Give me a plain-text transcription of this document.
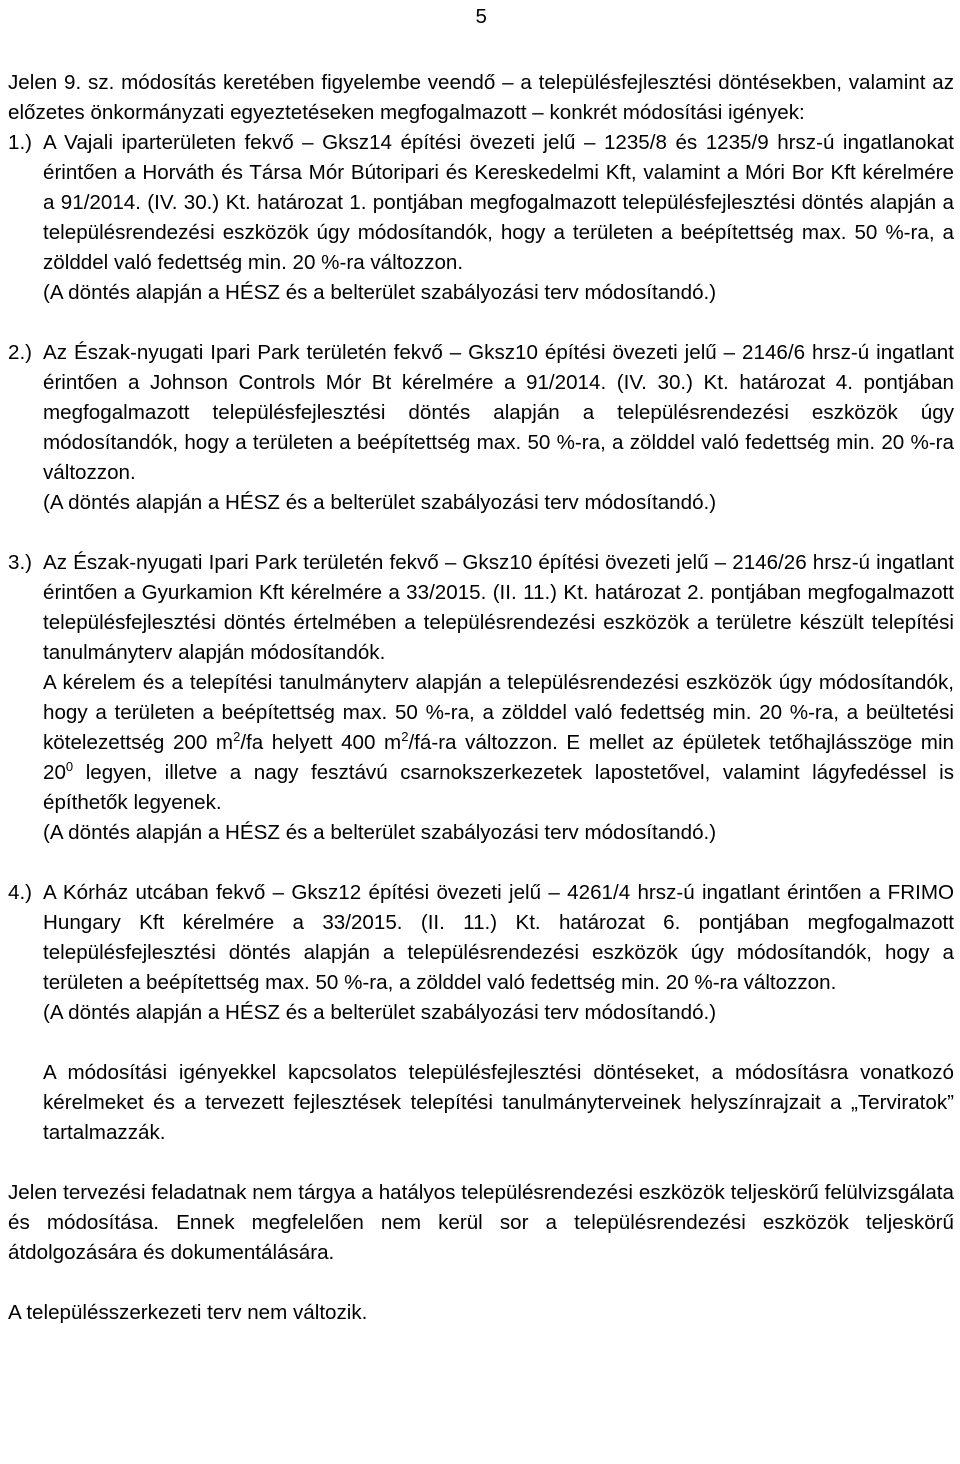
5

Jelen 9. sz. módosítás keretében figyelembe veendő – a településfejlesztési döntésekben, valamint az előzetes önkormányzati egyeztetéseken megfogalmazott – konkrét módosítási igények:

1.) A Vajali iparterületen fekvő – Gksz14 építési övezeti jelű – 1235/8 és 1235/9 hrsz-ú ingatlanokat érintően a Horváth és Társa Mór Bútoripari és Kereskedelmi Kft, valamint a Móri Bor Kft kérelmére a 91/2014. (IV. 30.) Kt. határozat 1. pontjában megfogalmazott településfejlesztési döntés alapján a településrendezési eszközök úgy módosítandók, hogy a területen a beépítettség max. 50 %-ra, a zölddel való fedettség min. 20 %-ra változzon.
(A döntés alapján a HÉSZ és a belterület szabályozási terv módosítandó.)
2.) Az Észak-nyugati Ipari Park területén fekvő – Gksz10 építési övezeti jelű – 2146/6 hrsz-ú ingatlant érintően a Johnson Controls Mór Bt kérelmére a 91/2014. (IV. 30.) Kt. határozat 4. pontjában megfogalmazott településfejlesztési döntés alapján a településrendezési eszközök úgy módosítandók, hogy a területen a beépítettség max. 50 %-ra, a zölddel való fedettség min. 20 %-ra változzon.
(A döntés alapján a HÉSZ és a belterület szabályozási terv módosítandó.)
3.) Az Észak-nyugati Ipari Park területén fekvő – Gksz10 építési övezeti jelű – 2146/26 hrsz-ú ingatlant érintően a Gyurkamion Kft kérelmére a 33/2015. (II. 11.) Kt. határozat 2. pontjában megfogalmazott településfejlesztési döntés értelmében a településrendezési eszközök a területre készült telepítési tanulmányterv alapján módosítandók.
A kérelem és a telepítési tanulmányterv alapján a településrendezési eszközök úgy módosítandók, hogy a területen a beépítettség max. 50 %-ra, a zölddel való fedettség min. 20 %-ra, a beültetési kötelezettség 200 $m^2/fa$ helyett 400 $m^2/fá-ra$ változzon. E mellet az épületek tetőhajlásszöge $\min 20^0$ legyen, illetve a nagy fesztávú csarnokszerkezetek lapostetővel, valamint lágyfedéssel is építhetők legyenek.
(A döntés alapján a HÉSZ és a belterület szabályozási terv módosítandó.)
4.) A Kórház utcában fekvő – Gksz12 építési övezeti jelű – 4261/4 hrsz-ú ingatlant érintően a FRIMO Hungary Kft kérelmére a 33/2015. (II. 11.) Kt. határozat 6. pontjában megfogalmazott településfejlesztési döntés alapján a településrendezési eszközök úgy módosítandók, hogy a területen a beépítettség max. 50 %-ra, a zölddel való fedettség min. 20 %-ra változzon.
(A döntés alapján a HÉSZ és a belterület szabályozási terv módosítandó.)

A módosítási igényekkel kapcsolatos településfejlesztési döntéseket, a módosításra vonatkozó kérelmeket és a tervezett fejlesztések telepítési tanulmányterveinek helyszínrajzait a „Terviratok” tartalmazzák.

Jelen tervezési feladatnak nem tárgya a hatályos településrendezési eszközök teljeskörű felülvizsgálata és módosítása. Ennek megfelelően nem kerül sor a településrendezési eszközök teljeskörű átdolgozására és dokumentálására.

A településszerkezeti terv nem változik.
